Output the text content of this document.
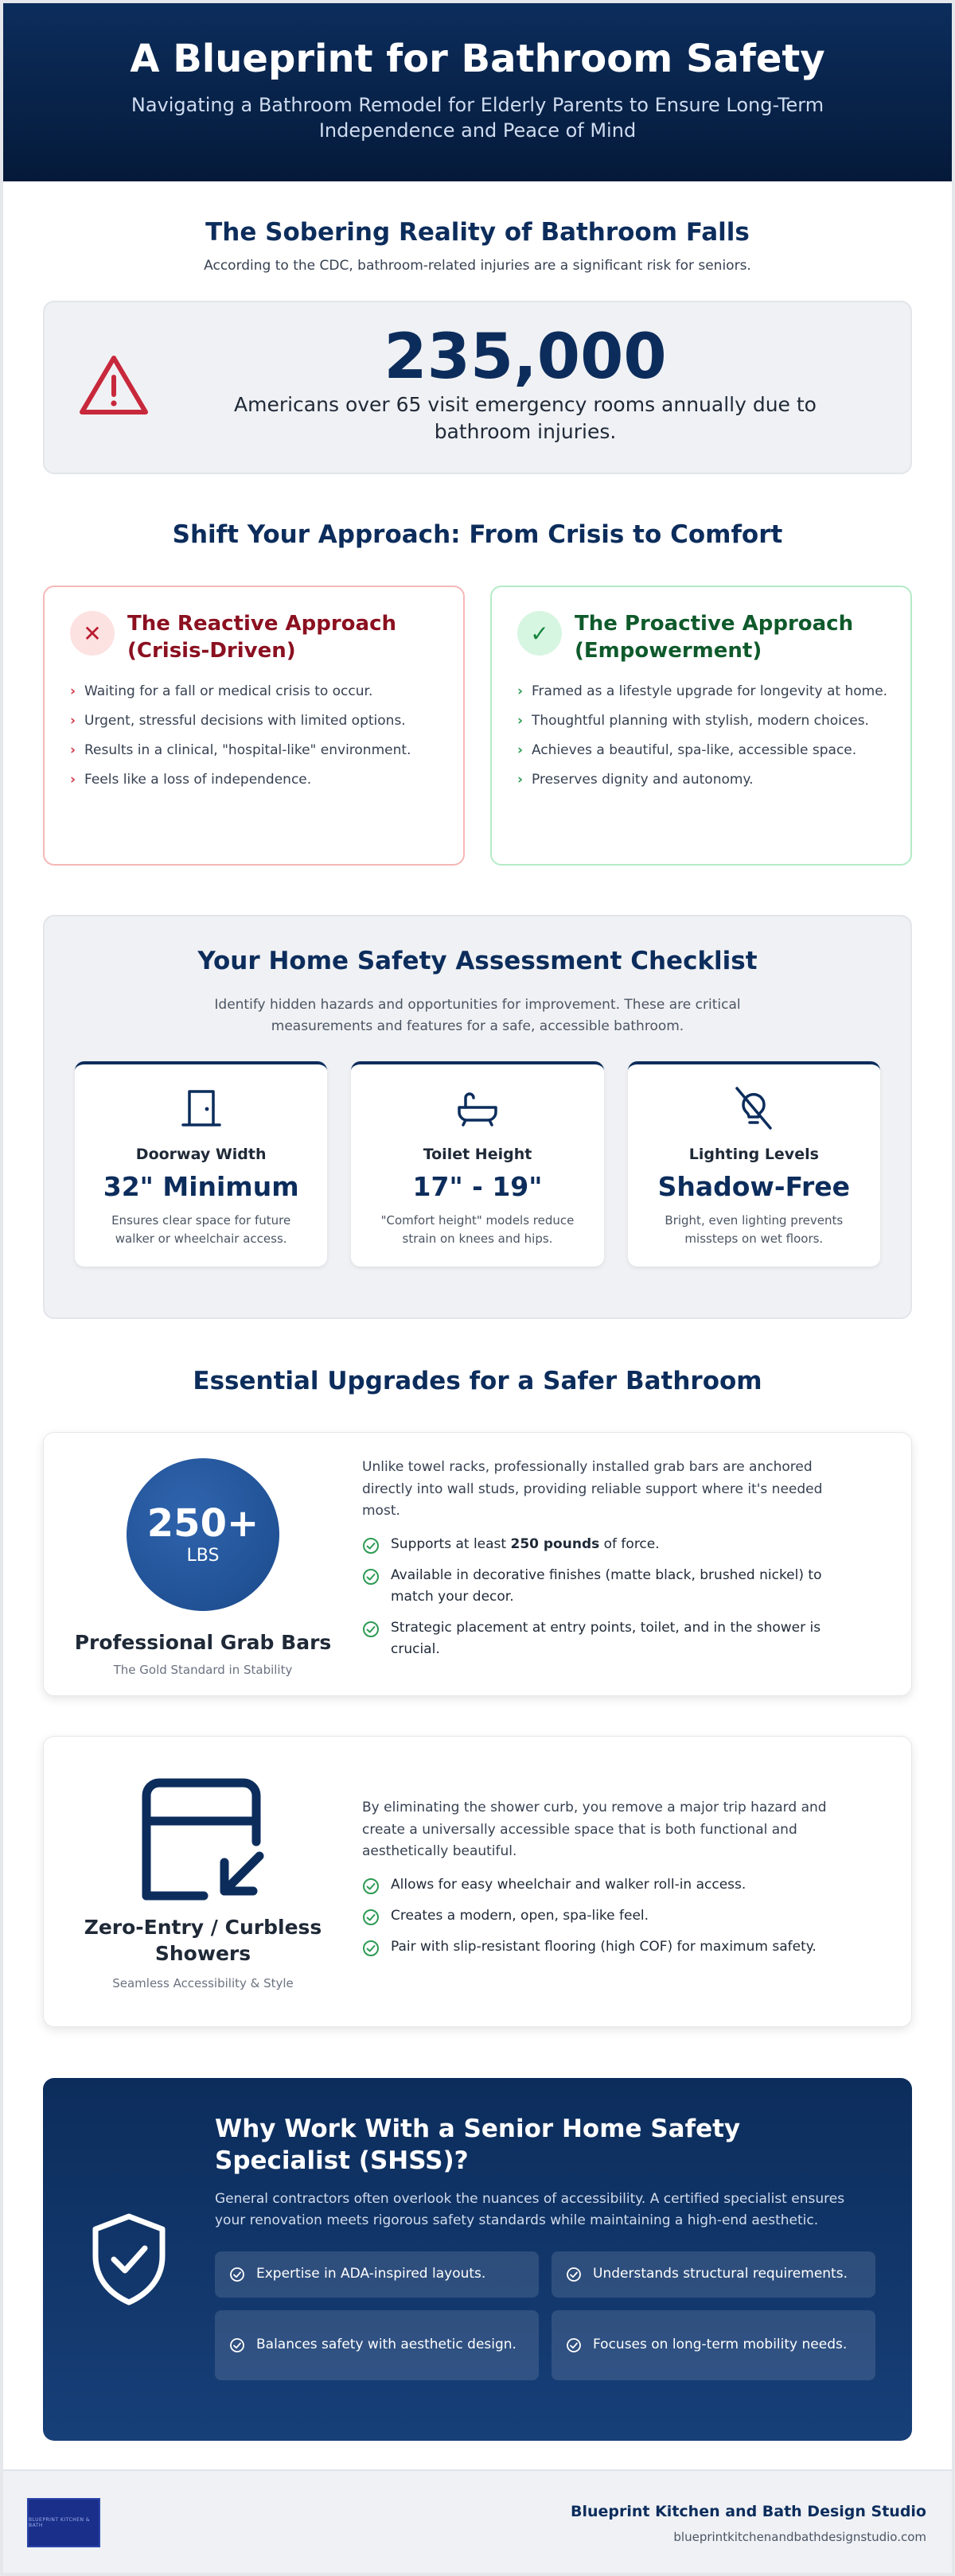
A Blueprint for Bathroom Safety

Navigating a Bathroom Remodel for Elderly Parents to Ensure Long-Term Independence and Peace of Mind

The Sobering Reality of Bathroom Falls

According to the CDC, bathroom-related injuries are a significant risk for seniors.

235,000
Americans over 65 visit emergency rooms annually due to bathroom injuries.
Shift Your Approach: From Crisis to Comfort
✕	The Reactive Approach (Crisis-Driven)
› Waiting for a fall or medical crisis to occur.
› Urgent, stressful decisions with limited options.
› Results in a clinical, "hospital-like" environment.
› Feels like a loss of independence.
✓	The Proactive Approach (Empowerment)
› Framed as a lifestyle upgrade for longevity at home.
› Thoughtful planning with stylish, modern choices.
› Achieves a beautiful, spa-like, accessible space.
› Preserves dignity and autonomy.
Your Home Safety Assessment Checklist

Identify hidden hazards and opportunities for improvement. These are critical measurements and features for a safe, accessible bathroom.

Doorway Width
32" Minimum
Ensures clear space for future walker or wheelchair access.
Toilet Height
17" - 19"
"Comfort height" models reduce strain on knees and hips.
Lighting Levels
Shadow-Free
Bright, even lighting prevents missteps on wet floors.
Essential Upgrades for a Safer Bathroom
250+
LBS
Professional Grab Bars
The Gold Standard in Stability

Unlike towel racks, professionally installed grab bars are anchored directly into wall studs, providing reliable support where it's needed most.

Supports at least 250 pounds of force.
Available in decorative finishes (matte black, brushed nickel) to match your decor.
Strategic placement at entry points, toilet, and in the shower is crucial.
Zero-Entry / Curbless Showers
Seamless Accessibility & Style

By eliminating the shower curb, you remove a major trip hazard and create a universally accessible space that is both functional and aesthetically beautiful.

Allows for easy wheelchair and walker roll-in access.
Creates a modern, open, spa-like feel.
Pair with slip-resistant flooring (high COF) for maximum safety.
Why Work With a Senior Home Safety Specialist (SHSS)?

General contractors often overlook the nuances of accessibility. A certified specialist ensures your renovation meets rigorous safety standards while maintaining a high-end aesthetic.

Expertise in ADA-inspired layouts.	Understands structural requirements.
Balances safety with aesthetic design.	Focuses on long-term mobility needs.
BLUEPRINT KITCHEN & BATH
Blueprint Kitchen and Bath Design Studio
blueprintkitchenandbathdesignstudio.com
